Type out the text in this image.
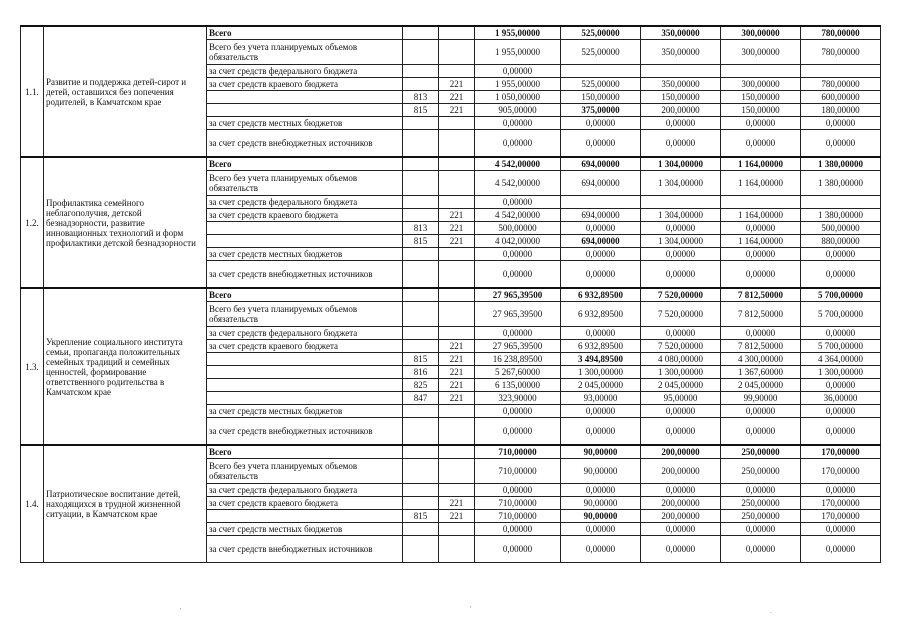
1.1.	Развитие и поддержка детей-сирот и детей, оставшихся без попечения родителей, в Камчатском крае	Всего			1 955,00000	525,00000	350,00000	300,00000	780,00000
		Всего без учета планируемых объемов обязательств			1 955,00000	525,00000	350,00000	300,00000	780,00000
		за счет средств федерального бюджета			0,00000				
		за счет средств краевого бюджета		221	1 955,00000	525,00000	350,00000	300,00000	780,00000
			813	221	1 050,00000	150,00000	150,00000	150,00000	600,00000
			815	221	905,00000	375,00000	200,00000	150,00000	180,00000
		за счет средств местных бюджетов			0,00000	0,00000	0,00000	0,00000	0,00000
		за счет средств внебюджетных источников			0,00000	0,00000	0,00000	0,00000	0,00000
1.2.	Профилактика семейного неблагополучия, детской безнадзорности, развитие инновационных технологий и форм профилактики детской безнадзорности	Всего			4 542,00000	694,00000	1 304,00000	1 164,00000	1 380,00000
		Всего без учета планируемых объемов обязательств			4 542,00000	694,00000	1 304,00000	1 164,00000	1 380,00000
		за счет средств федерального бюджета			0,00000				
		за счет средств краевого бюджета		221	4 542,00000	694,00000	1 304,00000	1 164,00000	1 380,00000
			813	221	500,00000	0,00000	0,00000	0,00000	500,00000
			815	221	4 042,00000	694,00000	1 304,00000	1 164,00000	880,00000
		за счет средств местных бюджетов			0,00000	0,00000	0,00000	0,00000	0,00000
		за счет средств внебюджетных источников			0,00000	0,00000	0,00000	0,00000	0,00000
1.3.	Укрепление социального института семьи, пропаганда положительных семейных традиций и семейных ценностей, формирование ответственного родительства в Камчатском крае	Всего			27 965,39500	6 932,89500	7 520,00000	7 812,50000	5 700,00000
		Всего без учета планируемых объемов обязательств			27 965,39500	6 932,89500	7 520,00000	7 812,50000	5 700,00000
		за счет средств федерального бюджета			0,00000	0,00000	0,00000	0,00000	0,00000
		за счет средств краевого бюджета		221	27 965,39500	6 932,89500	7 520,00000	7 812,50000	5 700,00000
			815	221	16 238,89500	3 494,89500	4 080,00000	4 300,00000	4 364,00000
			816	221	5 267,60000	1 300,00000	1 300,00000	1 367,60000	1 300,00000
			825	221	6 135,00000	2 045,00000	2 045,00000	2 045,00000	0,00000
			847	221	323,90000	93,00000	95,00000	99,90000	36,00000
		за счет средств местных бюджетов			0,00000	0,00000	0,00000	0,00000	0,00000
		за счет средств внебюджетных источников			0,00000	0,00000	0,00000	0,00000	0,00000
1.4.	Патриотическое воспитание детей, находящихся в трудной жизненной ситуации, в Камчатском крае	Всего			710,00000	90,00000	200,00000	250,00000	170,00000
		Всего без учета планируемых объемов обязательств			710,00000	90,00000	200,00000	250,00000	170,00000
		за счет средств федерального бюджета			0,00000	0,00000	0,00000	0,00000	0,00000
		за счет средств краевого бюджета		221	710,00000	90,00000	200,00000	250,00000	170,00000
			815	221	710,00000	90,00000	200,00000	250,00000	170,00000
		за счет средств местных бюджетов			0,00000	0,00000	0,00000	0,00000	0,00000
		за счет средств внебюджетных источников			0,00000	0,00000	0,00000	0,00000	0,00000
'	'	.
